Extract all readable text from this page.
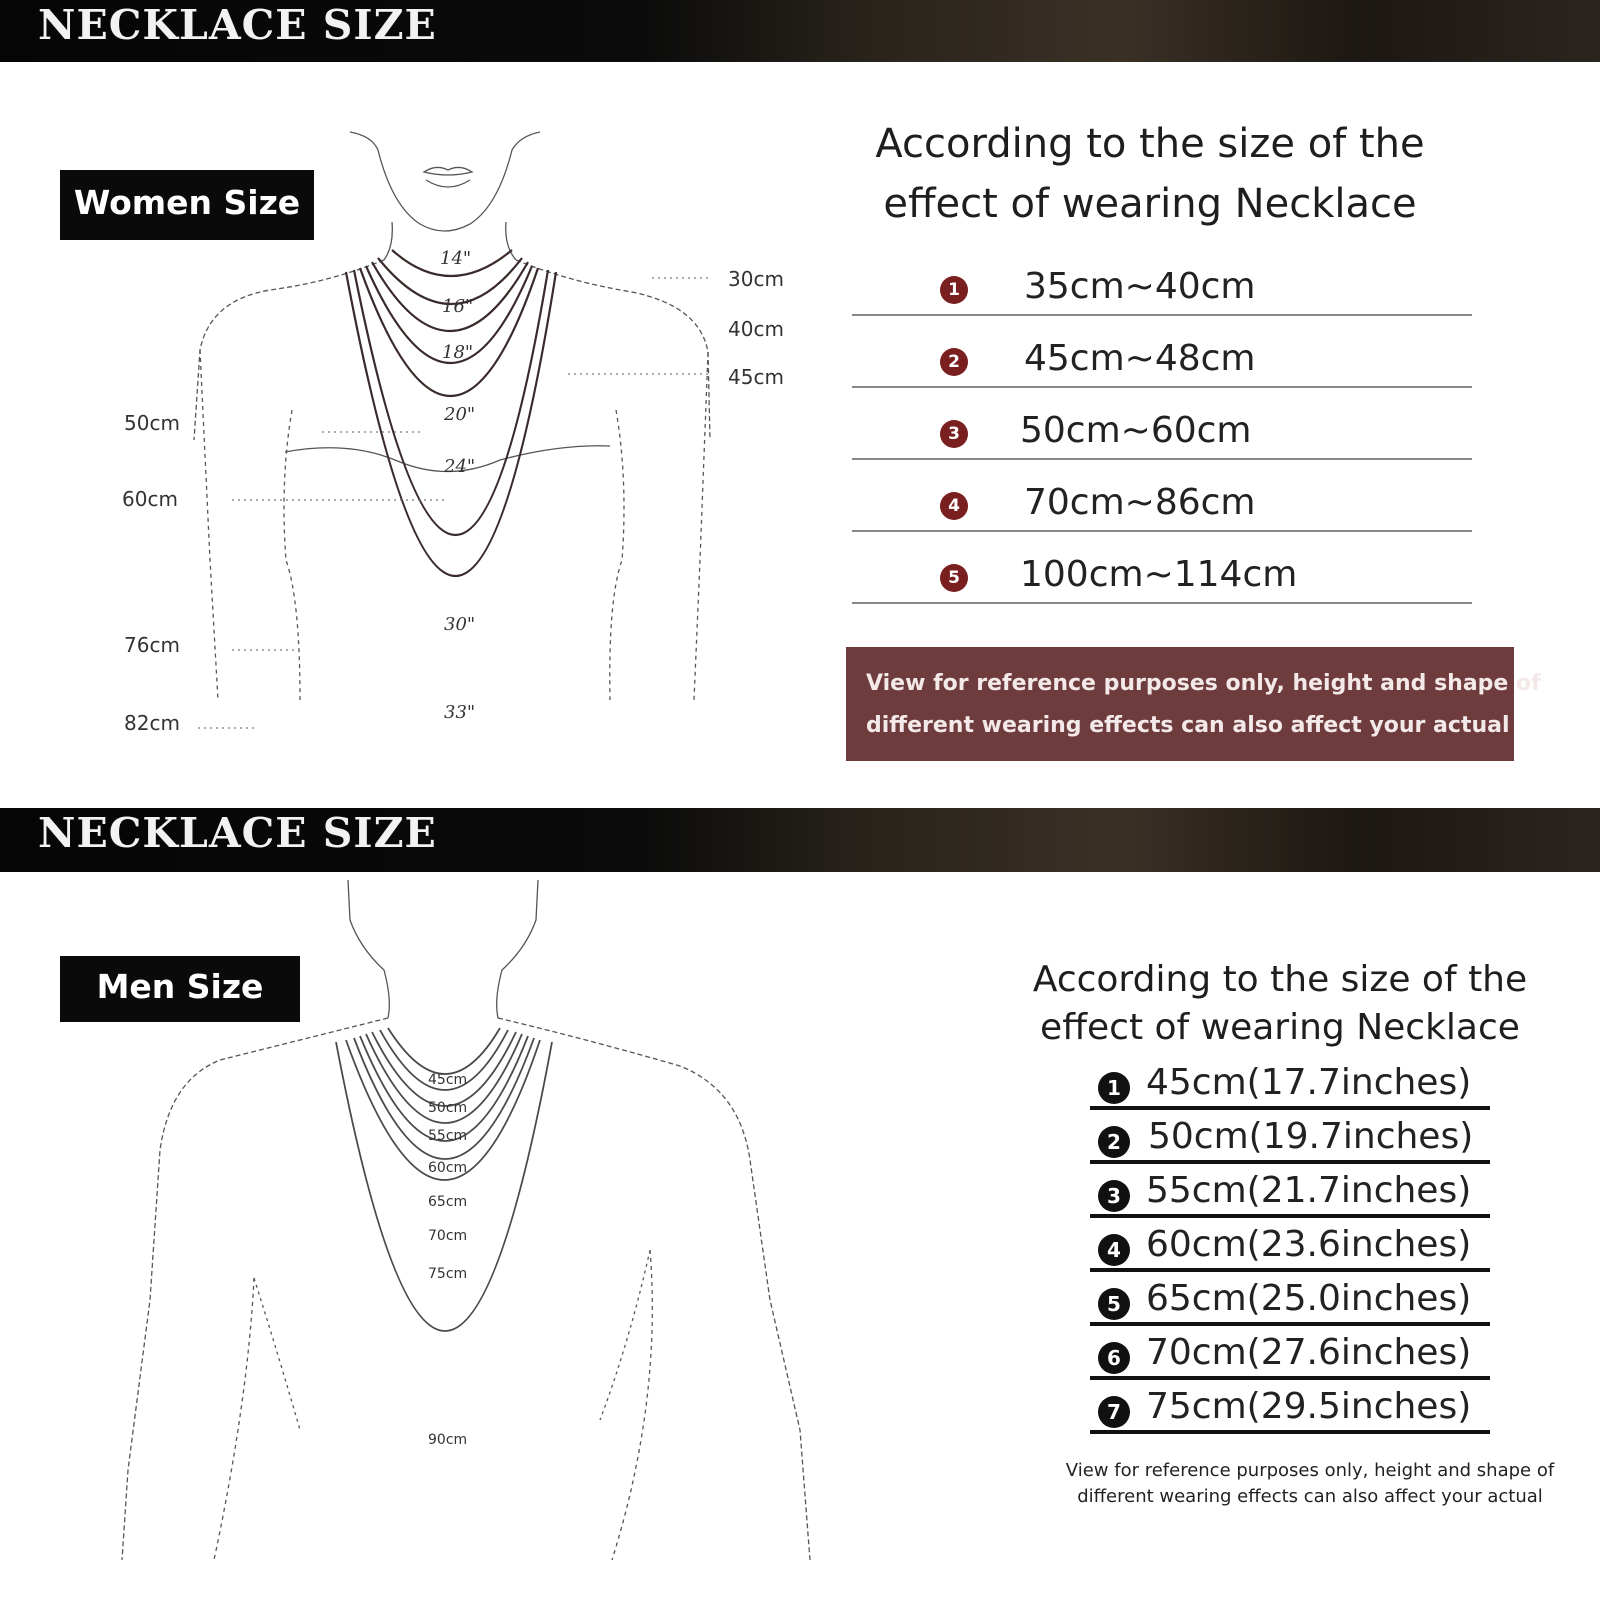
NECKLACE SIZE
Women Size
14"
16"
18"
20"
24"
30"
33"
30cm
40cm
45cm
50cm
60cm
76cm
82cm
According to the size of the
effect of wearing Necklace
1 35cm~40cm
2 45cm~48cm
3 50cm~60cm
4 70cm~86cm
5 100cm~114cm
View for reference purposes only, height and shape of
different wearing effects can also affect your actual
NECKLACE SIZE
Men Size
45cm
50cm
55cm
60cm
65cm
70cm
75cm
90cm
According to the size of the
effect of wearing Necklace
1 45cm(17.7inches)
2 50cm(19.7inches)
3 55cm(21.7inches)
4 60cm(23.6inches)
5 65cm(25.0inches)
6 70cm(27.6inches)
7 75cm(29.5inches)
View for reference purposes only, height and shape of
different wearing effects can also affect your actual
